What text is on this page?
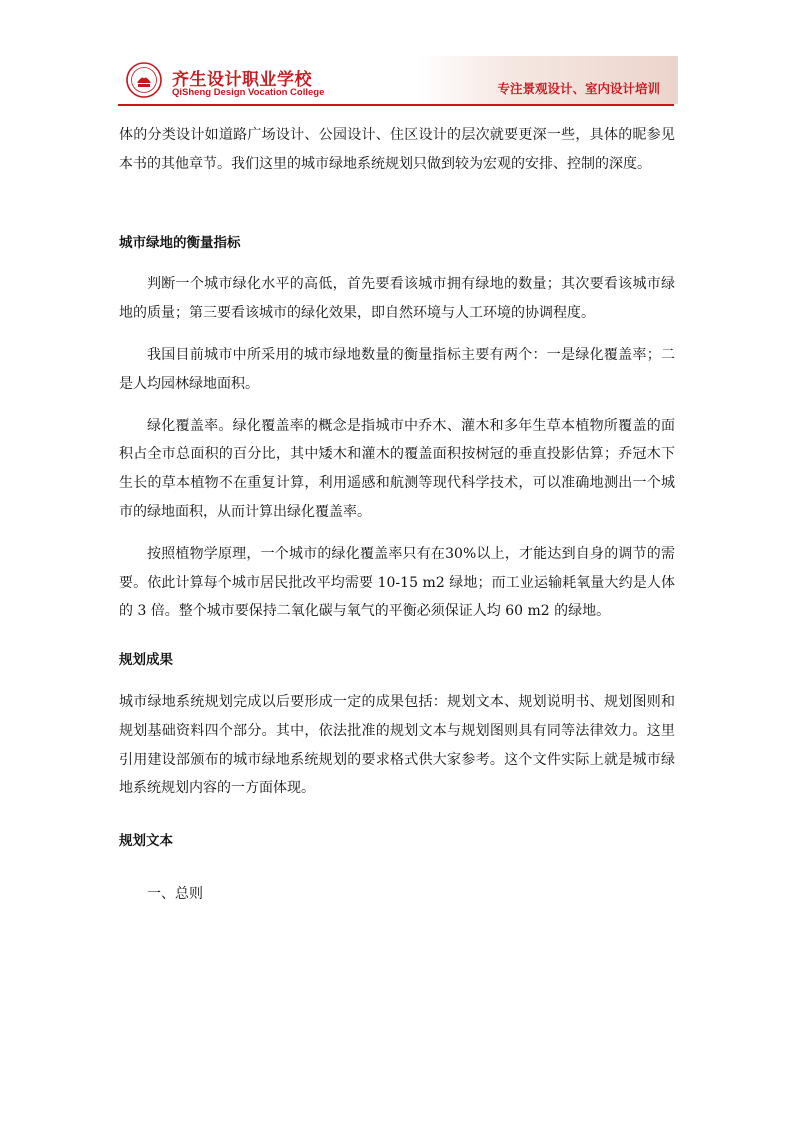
齐生设计职业学校
QiSheng Design Vocation College	专注景观设计、室内设计培训

体的分类设计如道路广场设计、公园设计、住区设计的层次就要更深一些，具体的昵参见本书的其他章节。我们这里的城市绿地系统规划只做到较为宏观的安排、控制的深度。

城市绿地的衡量指标

判断一个城市绿化水平的高低，首先要看该城市拥有绿地的数量；其次要看该城市绿地的质量；第三要看该城市的绿化效果，即自然环境与人工环境的协调程度。

我国目前城市中所采用的城市绿地数量的衡量指标主要有两个：一是绿化覆盖率；二是人均园林绿地面积。

绿化覆盖率。绿化覆盖率的概念是指城市中乔木、灌木和多年生草本植物所覆盖的面积占全市总面积的百分比，其中矮木和灌木的覆盖面积按树冠的垂直投影估算；乔冠木下生长的草本植物不在重复计算，利用遥感和航测等现代科学技术，可以准确地测出一个城市的绿地面积，从而计算出绿化覆盖率。

按照植物学原理，一个城市的绿化覆盖率只有在30%以上，才能达到自身的调节的需要。依此计算每个城市居民批改平均需要 10-15 m2 绿地；而工业运输耗氧量大约是人体的 3 倍。整个城市要保持二氧化碳与氧气的平衡必须保证人均 60 m2 的绿地。

规划成果

城市绿地系统规划完成以后要形成一定的成果包括：规划文本、规划说明书、规划图则和规划基础资料四个部分。其中，依法批准的规划文本与规划图则具有同等法律效力。这里引用建设部颁布的城市绿地系统规划的要求格式供大家参考。这个文件实际上就是城市绿地系统规划内容的一方面体现。

规划文本

一、总则
